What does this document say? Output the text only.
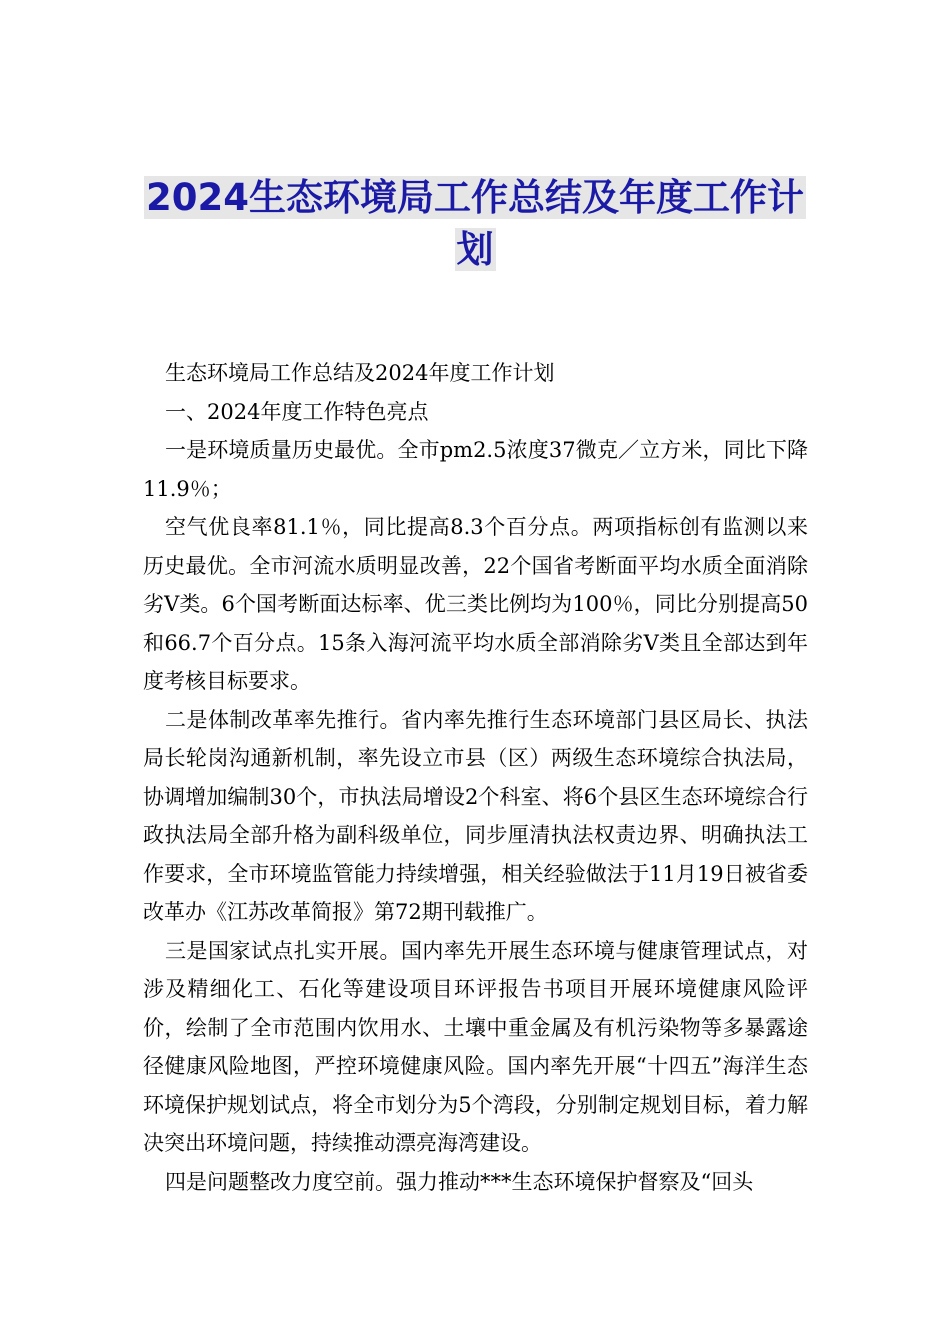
2024生态环境局工作总结及年度工作计划

生态环境局工作总结及2024年度工作计划

一、2024年度工作特色亮点

一是环境质量历史最优。全市pm2.5浓度37微克／立方米，同比下降11.9％；

空气优良率81.1％，同比提高8.3个百分点。两项指标创有监测以来历史最优。全市河流水质明显改善，22个国省考断面平均水质全面消除劣Ⅴ类。6个国考断面达标率、优三类比例均为100％，同比分别提高50和66.7个百分点。15条入海河流平均水质全部消除劣Ⅴ类且全部达到年度考核目标要求。

二是体制改革率先推行。省内率先推行生态环境部门县区局长、执法局长轮岗沟通新机制，率先设立市县（区）两级生态环境综合执法局，协调增加编制30个，市执法局增设2个科室、将6个县区生态环境综合行政执法局全部升格为副科级单位，同步厘清执法权责边界、明确执法工作要求，全市环境监管能力持续增强，相关经验做法于11月19日被省委改革办《江苏改革简报》第72期刊载推广。

三是国家试点扎实开展。国内率先开展生态环境与健康管理试点，对涉及精细化工、石化等建设项目环评报告书项目开展环境健康风险评价，绘制了全市范围内饮用水、土壤中重金属及有机污染物等多暴露途径健康风险地图，严控环境健康风险。国内率先开展“十四五”海洋生态环境保护规划试点，将全市划分为5个湾段，分别制定规划目标，着力解决突出环境问题，持续推动漂亮海湾建设。

四是问题整改力度空前。强力推动***生态环境保护督察及“回头
